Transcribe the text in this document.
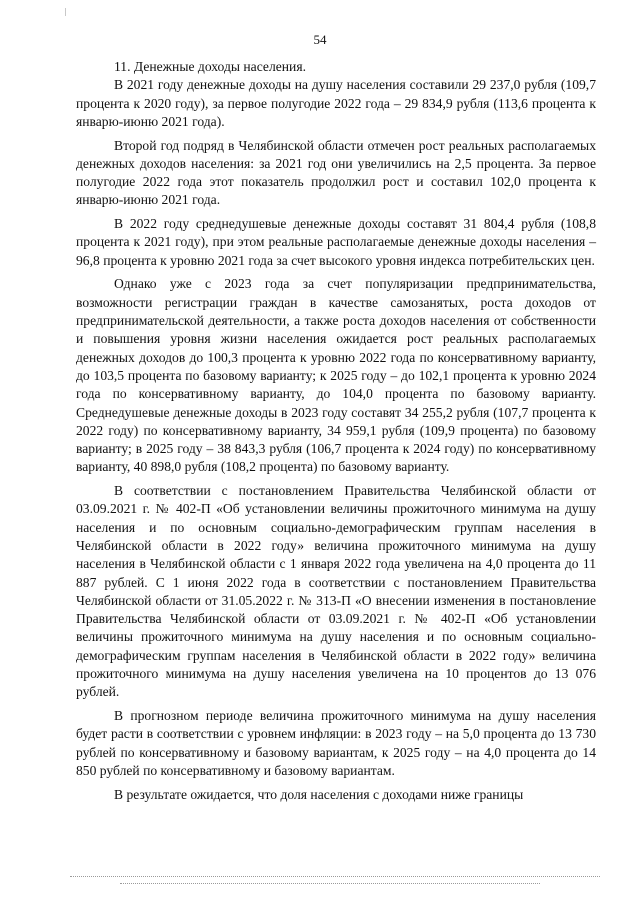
54

11. Денежные доходы населения.

В 2021 году денежные доходы на душу населения составили 29 237,0 рубля (109,7 процента к 2020 году), за первое полугодие 2022 года – 29 834,9 рубля (113,6 процента к январю-июню 2021 года).

Второй год подряд в Челябинской области отмечен рост реальных располагаемых денежных доходов населения: за 2021 год они увеличились на 2,5 процента. За первое полугодие 2022 года этот показатель продолжил рост и составил 102,0 процента к январю-июню 2021 года.

В 2022 году среднедушевые денежные доходы составят 31 804,4 рубля (108,8 процента к 2021 году), при этом реальные располагаемые денежные доходы населения – 96,8 процента к уровню 2021 года за счет высокого уровня индекса потребительских цен.

Однако уже с 2023 года за счет популяризации предпринимательства, возможности регистрации граждан в качестве самозанятых, роста доходов от предпринимательской деятельности, а также роста доходов населения от собственности и повышения уровня жизни населения ожидается рост реальных располагаемых денежных доходов до 100,3 процента к уровню 2022 года по консервативному варианту, до 103,5 процента по базовому варианту; к 2025 году – до 102,1 процента к уровню 2024 года по консервативному варианту, до 104,0 процента по базовому варианту. Среднедушевые денежные доходы в 2023 году составят 34 255,2 рубля (107,7 процента к 2022 году) по консервативному варианту, 34 959,1 рубля (109,9 процента) по базовому варианту; в 2025 году – 38 843,3 рубля (106,7 процента к 2024 году) по консервативному варианту, 40 898,0 рубля (108,2 процента) по базовому варианту.

В соответствии с постановлением Правительства Челябинской области от 03.09.2021 г. № 402-П «Об установлении величины прожиточного минимума на душу населения и по основным социально-демографическим группам населения в Челябинской области в 2022 году» величина прожиточного минимума на душу населения в Челябинской области с 1 января 2022 года увеличена на 4,0 процента до 11 887 рублей. С 1 июня 2022 года в соответствии с постановлением Правительства Челябинской области от 31.05.2022 г. № 313-П «О внесении изменения в постановление Правительства Челябинской области от 03.09.2021 г. № 402-П «Об установлении величины прожиточного минимума на душу населения и по основным социально-демографическим группам населения в Челябинской области в 2022 году» величина прожиточного минимума на душу населения увеличена на 10 процентов до 13 076 рублей.

В прогнозном периоде величина прожиточного минимума на душу населения будет расти в соответствии с уровнем инфляции: в 2023 году – на 5,0 процента до 13 730 рублей по консервативному и базовому вариантам, к 2025 году – на 4,0 процента до 14 850 рублей по консервативному и базовому вариантам.

В результате ожидается, что доля населения с доходами ниже границы
